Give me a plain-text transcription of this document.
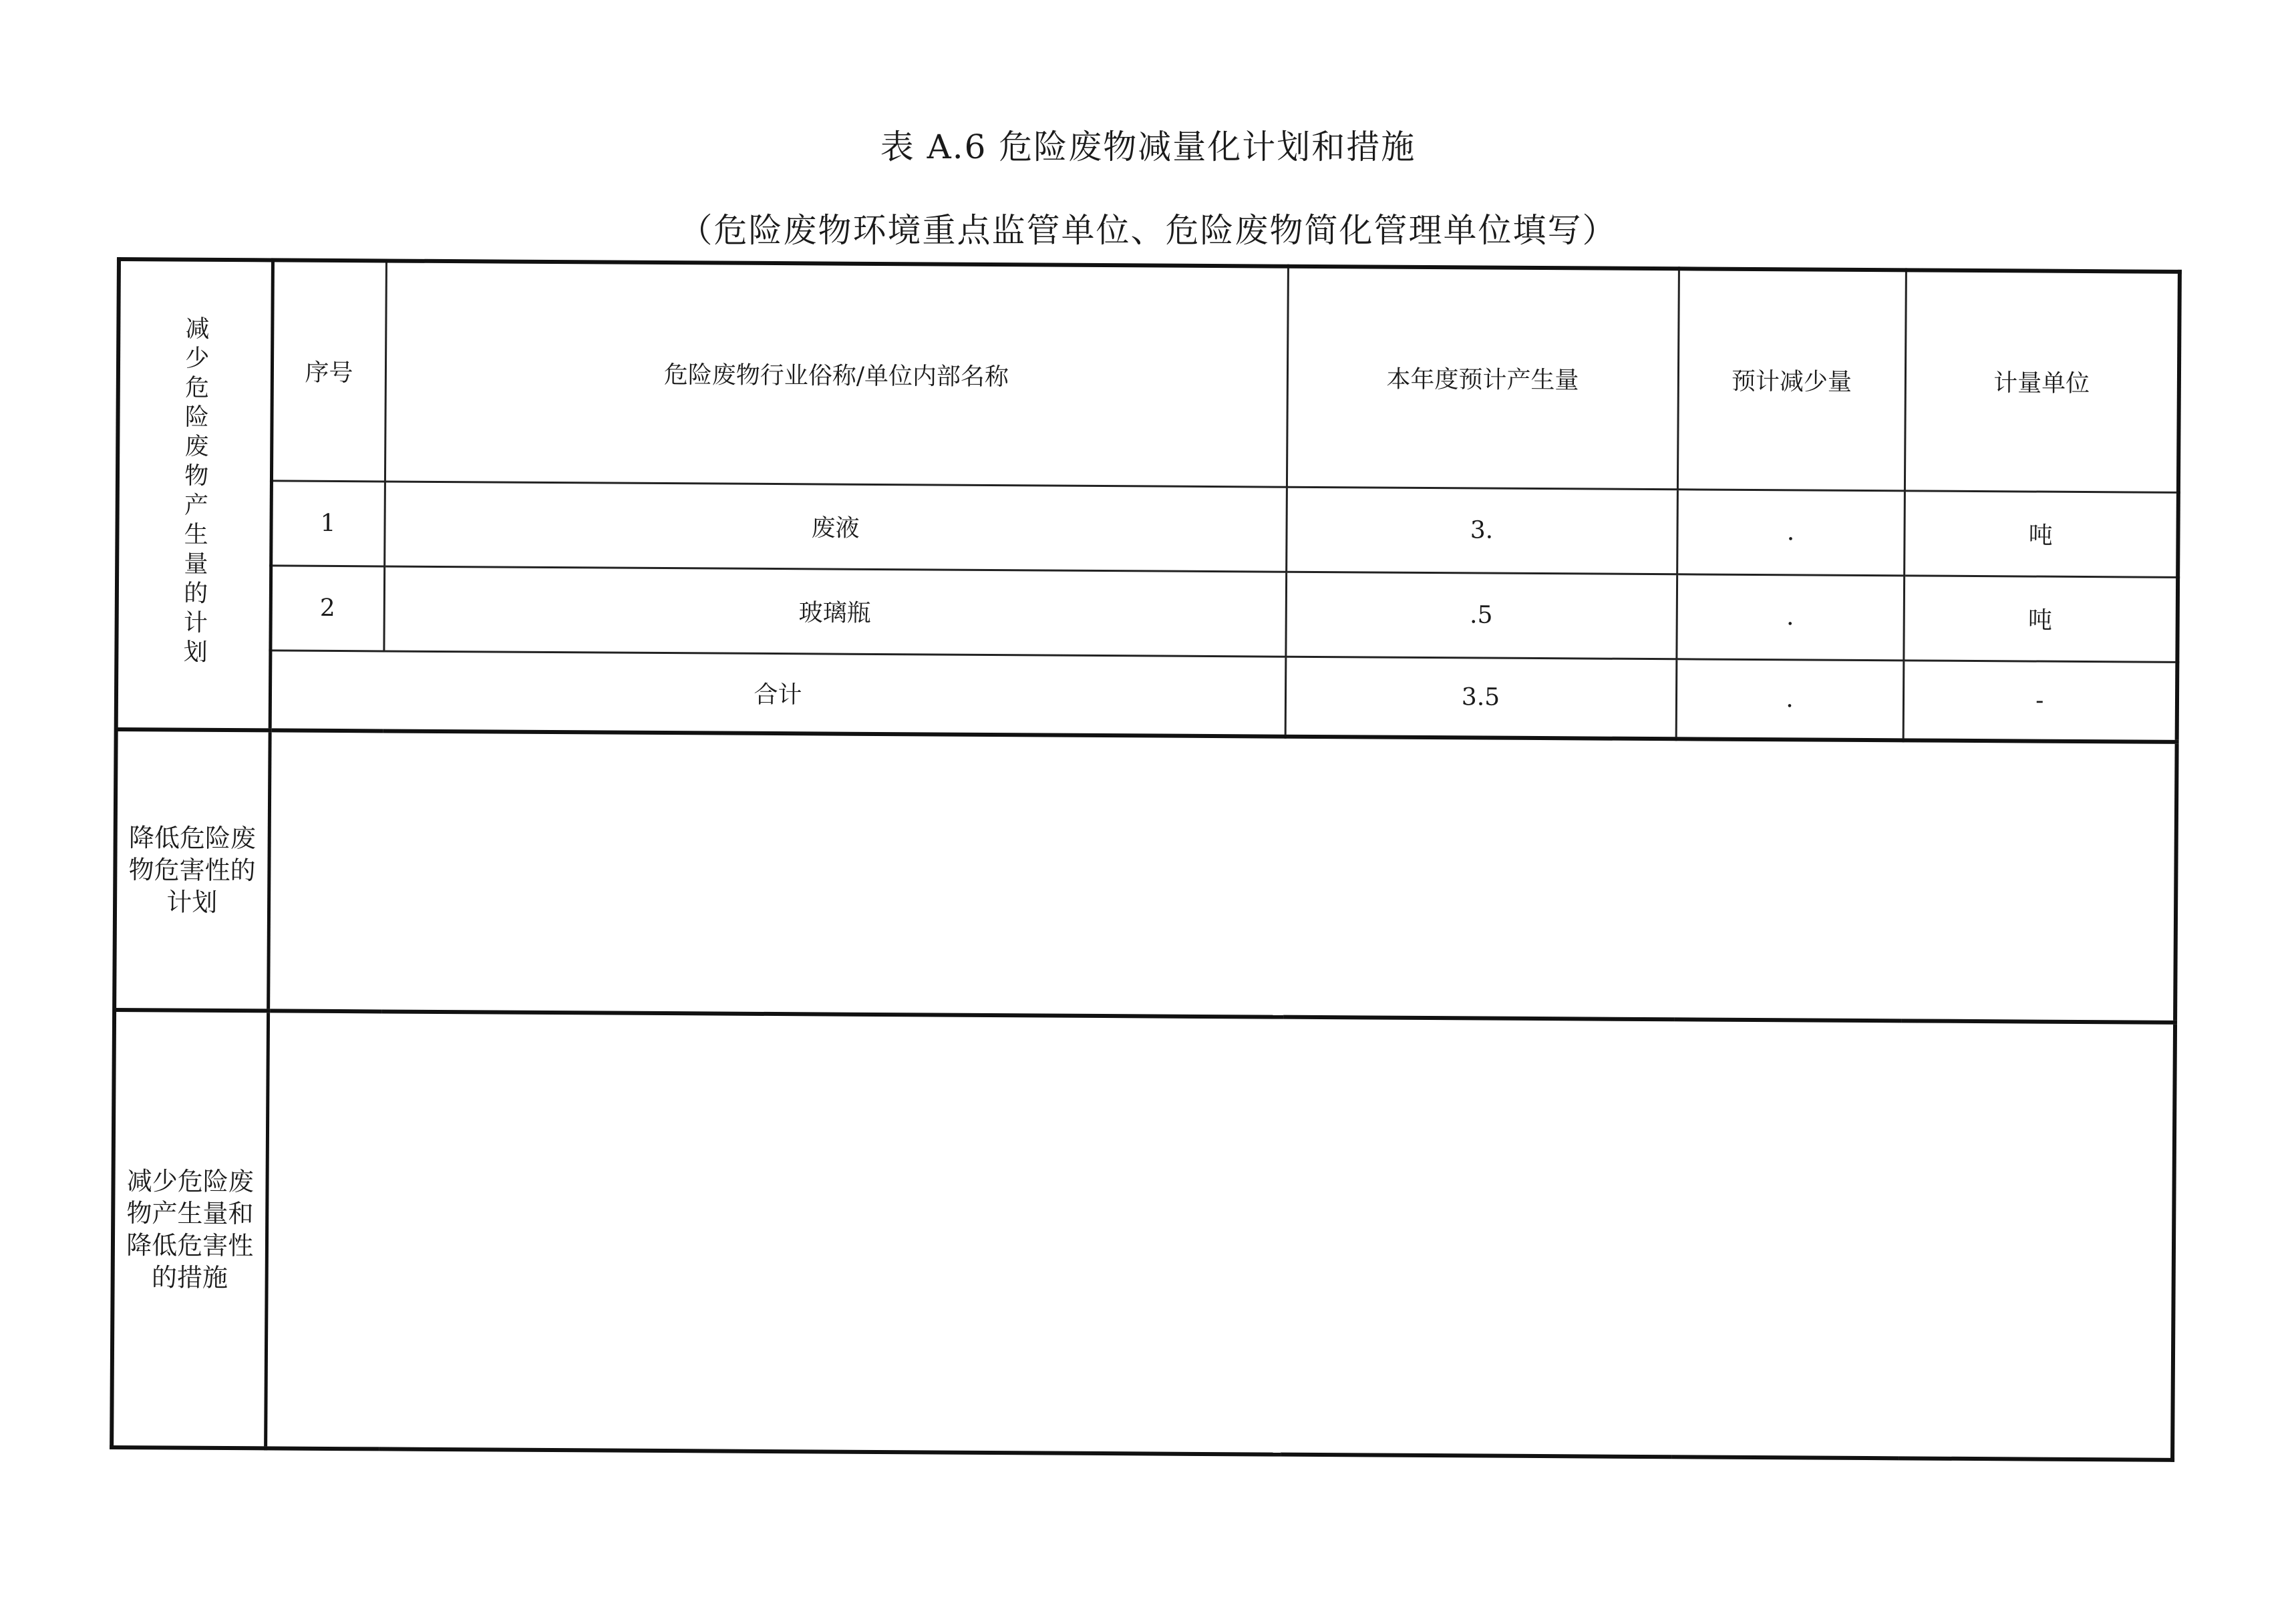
表 A.6 危险废物减量化计划和措施
（危险废物环境重点监管单位、危险废物简化管理单位填写）
减少危险废物产生量的计划	序号	危险废物行业俗称/单位内部名称	本年度预计产生量	预计减少量	计量单位
	1	废液	3.	.	吨
	2	玻璃瓶	.5	.	吨
	合计		3.5	.	-
降低危险废物危害性的计划					
减少危险废物产生量和降低危害性的措施					
